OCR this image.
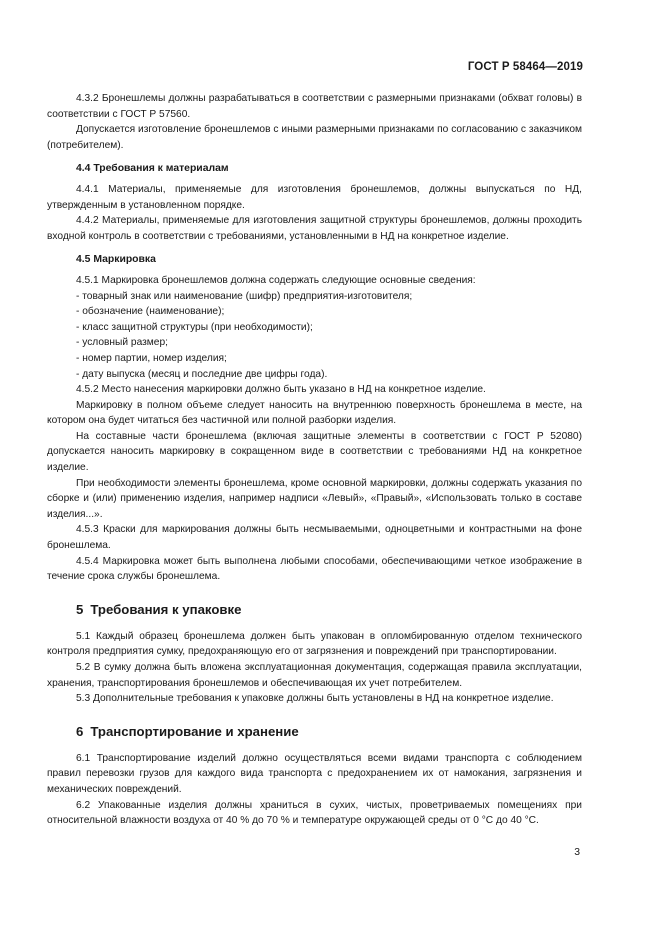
ГОСТ Р 58464—2019

4.3.2 Бронешлемы должны разрабатываться в соответствии с размерными признаками (обхват головы) в соответствии с ГОСТ Р 57560.

Допускается изготовление бронешлемов с иными размерными признаками по согласованию с заказчиком (потребителем).

4.4 Требования к материалам

4.4.1 Материалы, применяемые для изготовления бронешлемов, должны выпускаться по НД, утвержденным в установленном порядке.

4.4.2 Материалы, применяемые для изготовления защитной структуры бронешлемов, должны проходить входной контроль в соответствии с требованиями, установленными в НД на конкретное изделие.

4.5 Маркировка

4.5.1 Маркировка бронешлемов должна содержать следующие основные сведения:

- товарный знак или наименование (шифр) предприятия-изготовителя;
- обозначение (наименование);
- класс защитной структуры (при необходимости);
- условный размер;
- номер партии, номер изделия;
- дату выпуска (месяц и последние две цифры года).

4.5.2 Место нанесения маркировки должно быть указано в НД на конкретное изделие.

Маркировку в полном объеме следует наносить на внутреннюю поверхность бронешлема в месте, на котором она будет читаться без частичной или полной разборки изделия.

На составные части бронешлема (включая защитные элементы в соответствии с ГОСТ Р 52080) допускается наносить маркировку в сокращенном виде в соответствии с требованиями НД на конкретное изделие.

При необходимости элементы бронешлема, кроме основной маркировки, должны содержать указания по сборке и (или) применению изделия, например надписи «Левый», «Правый», «Использовать только в составе изделия...».

4.5.3 Краски для маркирования должны быть несмываемыми, одноцветными и контрастными на фоне бронешлема.

4.5.4 Маркировка может быть выполнена любыми способами, обеспечивающими четкое изображение в течение срока службы бронешлема.

5 Требования к упаковке

5.1 Каждый образец бронешлема должен быть упакован в опломбированную отделом технического контроля предприятия сумку, предохраняющую его от загрязнения и повреждений при транспортировании.

5.2 В сумку должна быть вложена эксплуатационная документация, содержащая правила эксплуатации, хранения, транспортирования бронешлемов и обеспечивающая их учет потребителем.

5.3 Дополнительные требования к упаковке должны быть установлены в НД на конкретное изделие.

6 Транспортирование и хранение

6.1 Транспортирование изделий должно осуществляться всеми видами транспорта с соблюдением правил перевозки грузов для каждого вида транспорта с предохранением их от намокания, загрязнения и механических повреждений.

6.2 Упакованные изделия должны храниться в сухих, чистых, проветриваемых помещениях при относительной влажности воздуха от 40 % до 70 % и температуре окружающей среды от 0 °C до 40 °C.

3
